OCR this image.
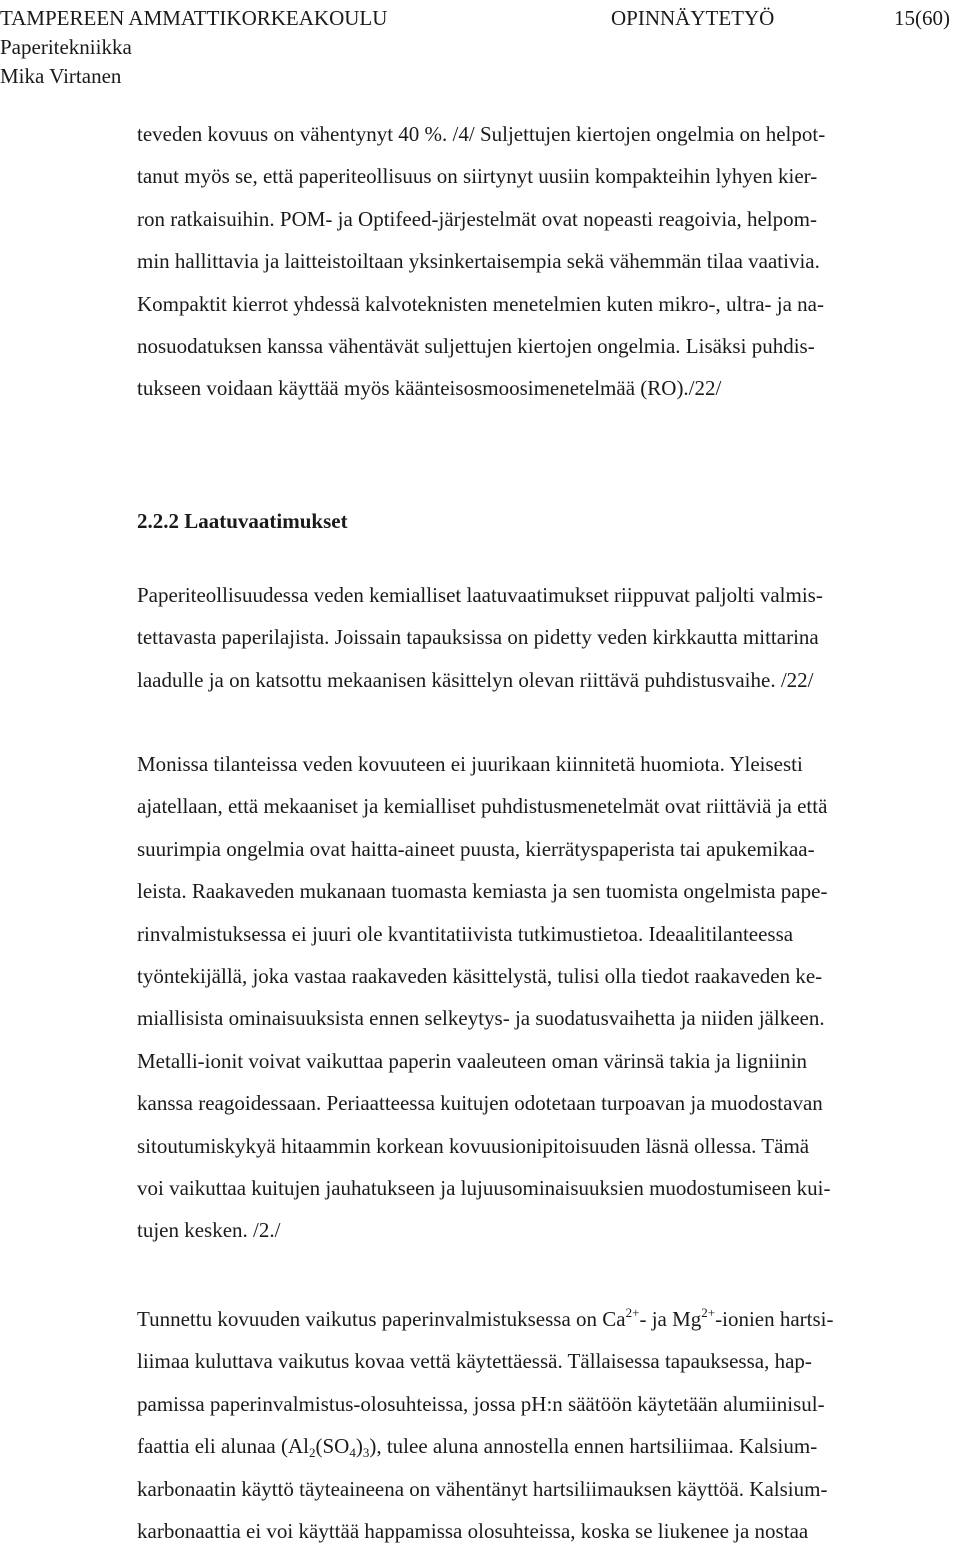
TAMPEREEN AMMATTIKORKEAKOULU	OPINNÄYTETYÖ	15(60)
Paperitekniikka
Mika Virtanen
teveden kovuus on vähentynyt 40 %. /4/ Suljettujen kiertojen ongelmia on helpot-
tanut myös se, että paperiteollisuus on siirtynyt uusiin kompakteihin lyhyen kier-
ron ratkaisuihin. POM- ja Optifeed-järjestelmät ovat nopeasti reagoivia, helpom-
min hallittavia ja laitteistoiltaan yksinkertaisempia sekä vähemmän tilaa vaativia.
Kompaktit kierrot yhdessä kalvoteknisten menetelmien kuten mikro-, ultra- ja na-
nosuodatuksen kanssa vähentävät suljettujen kiertojen ongelmia. Lisäksi puhdis-
tukseen voidaan käyttää myös käänteisosmoosimenetelmää (RO)./22/
2.2.2 Laatuvaatimukset
Paperiteollisuudessa veden kemialliset laatuvaatimukset riippuvat paljolti valmis-
tettavasta paperilajista. Joissain tapauksissa on pidetty veden kirkkautta mittarina
laadulle ja on katsottu mekaanisen käsittelyn olevan riittävä puhdistusvaihe. /22/
Monissa tilanteissa veden kovuuteen ei juurikaan kiinnitetä huomiota. Yleisesti
ajatellaan, että mekaaniset ja kemialliset puhdistusmenetelmät ovat riittäviä ja että
suurimpia ongelmia ovat haitta-aineet puusta, kierrätyspaperista tai apukemikaa-
leista. Raakaveden mukanaan tuomasta kemiasta ja sen tuomista ongelmista pape-
rinvalmistuksessa ei juuri ole kvantitatiivista tutkimustietoa. Ideaalitilanteessa
työntekijällä, joka vastaa raakaveden käsittelystä, tulisi olla tiedot raakaveden ke-
miallisista ominaisuuksista ennen selkeytys- ja suodatusvaihetta ja niiden jälkeen.
Metalli-ionit voivat vaikuttaa paperin vaaleuteen oman värinsä takia ja ligniinin
kanssa reagoidessaan. Periaatteessa kuitujen odotetaan turpoavan ja muodostavan
sitoutumiskykyä hitaammin korkean kovuusionipitoisuuden läsnä ollessa. Tämä
voi vaikuttaa kuitujen jauhatukseen ja lujuusominaisuuksien muodostumiseen kui-
tujen kesken. /2./
Tunnettu kovuuden vaikutus paperinvalmistuksessa on $Ca^{2+}-$ ja $Mg^{2+}$-ionien hartsi-
liimaa kuluttava vaikutus kovaa vettä käytettäessä. Tällaisessa tapauksessa, hap-
pamissa paperinvalmistus-olosuhteissa, jossa pH:n säätöön käytetään alumiinisul-
faattia eli alunaa $(Al_2(SO_4)_3)$, tulee aluna annostella ennen hartsiliimaa. Kalsium-
karbonaatin käyttö täyteaineena on vähentänyt hartsiliimauksen käyttöä. Kalsium-
karbonaattia ei voi käyttää happamissa olosuhteissa, koska se liukenee ja nostaa
